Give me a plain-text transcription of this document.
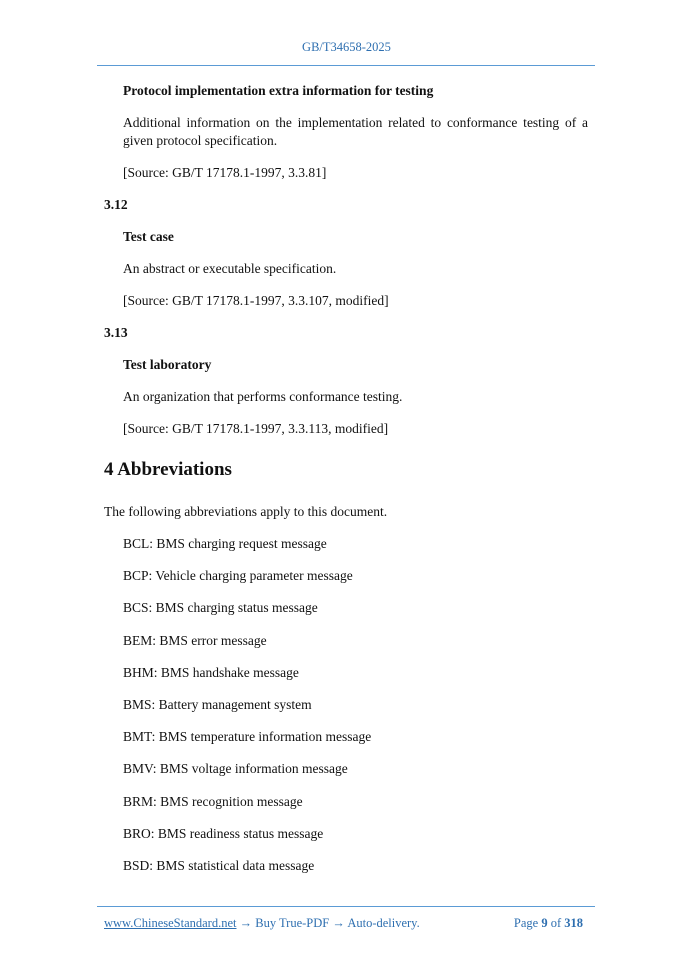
GB/T34658-2025
Protocol implementation extra information for testing
Additional information on the implementation related to conformance testing of a given protocol specification.
[Source: GB/T 17178.1-1997, 3.3.81]
3.12
Test case
An abstract or executable specification.
[Source: GB/T 17178.1-1997, 3.3.107, modified]
3.13
Test laboratory
An organization that performs conformance testing.
[Source: GB/T 17178.1-1997, 3.3.113, modified]
4 Abbreviations
The following abbreviations apply to this document.
BCL: BMS charging request message
BCP: Vehicle charging parameter message
BCS: BMS charging status message
BEM: BMS error message
BHM: BMS handshake message
BMS: Battery management system
BMT: BMS temperature information message
BMV: BMS voltage information message
BRM: BMS recognition message
BRO: BMS readiness status message
BSD: BMS statistical data message
www.ChineseStandard.net → Buy True-PDF → Auto-delivery.	Page 9 of 318
